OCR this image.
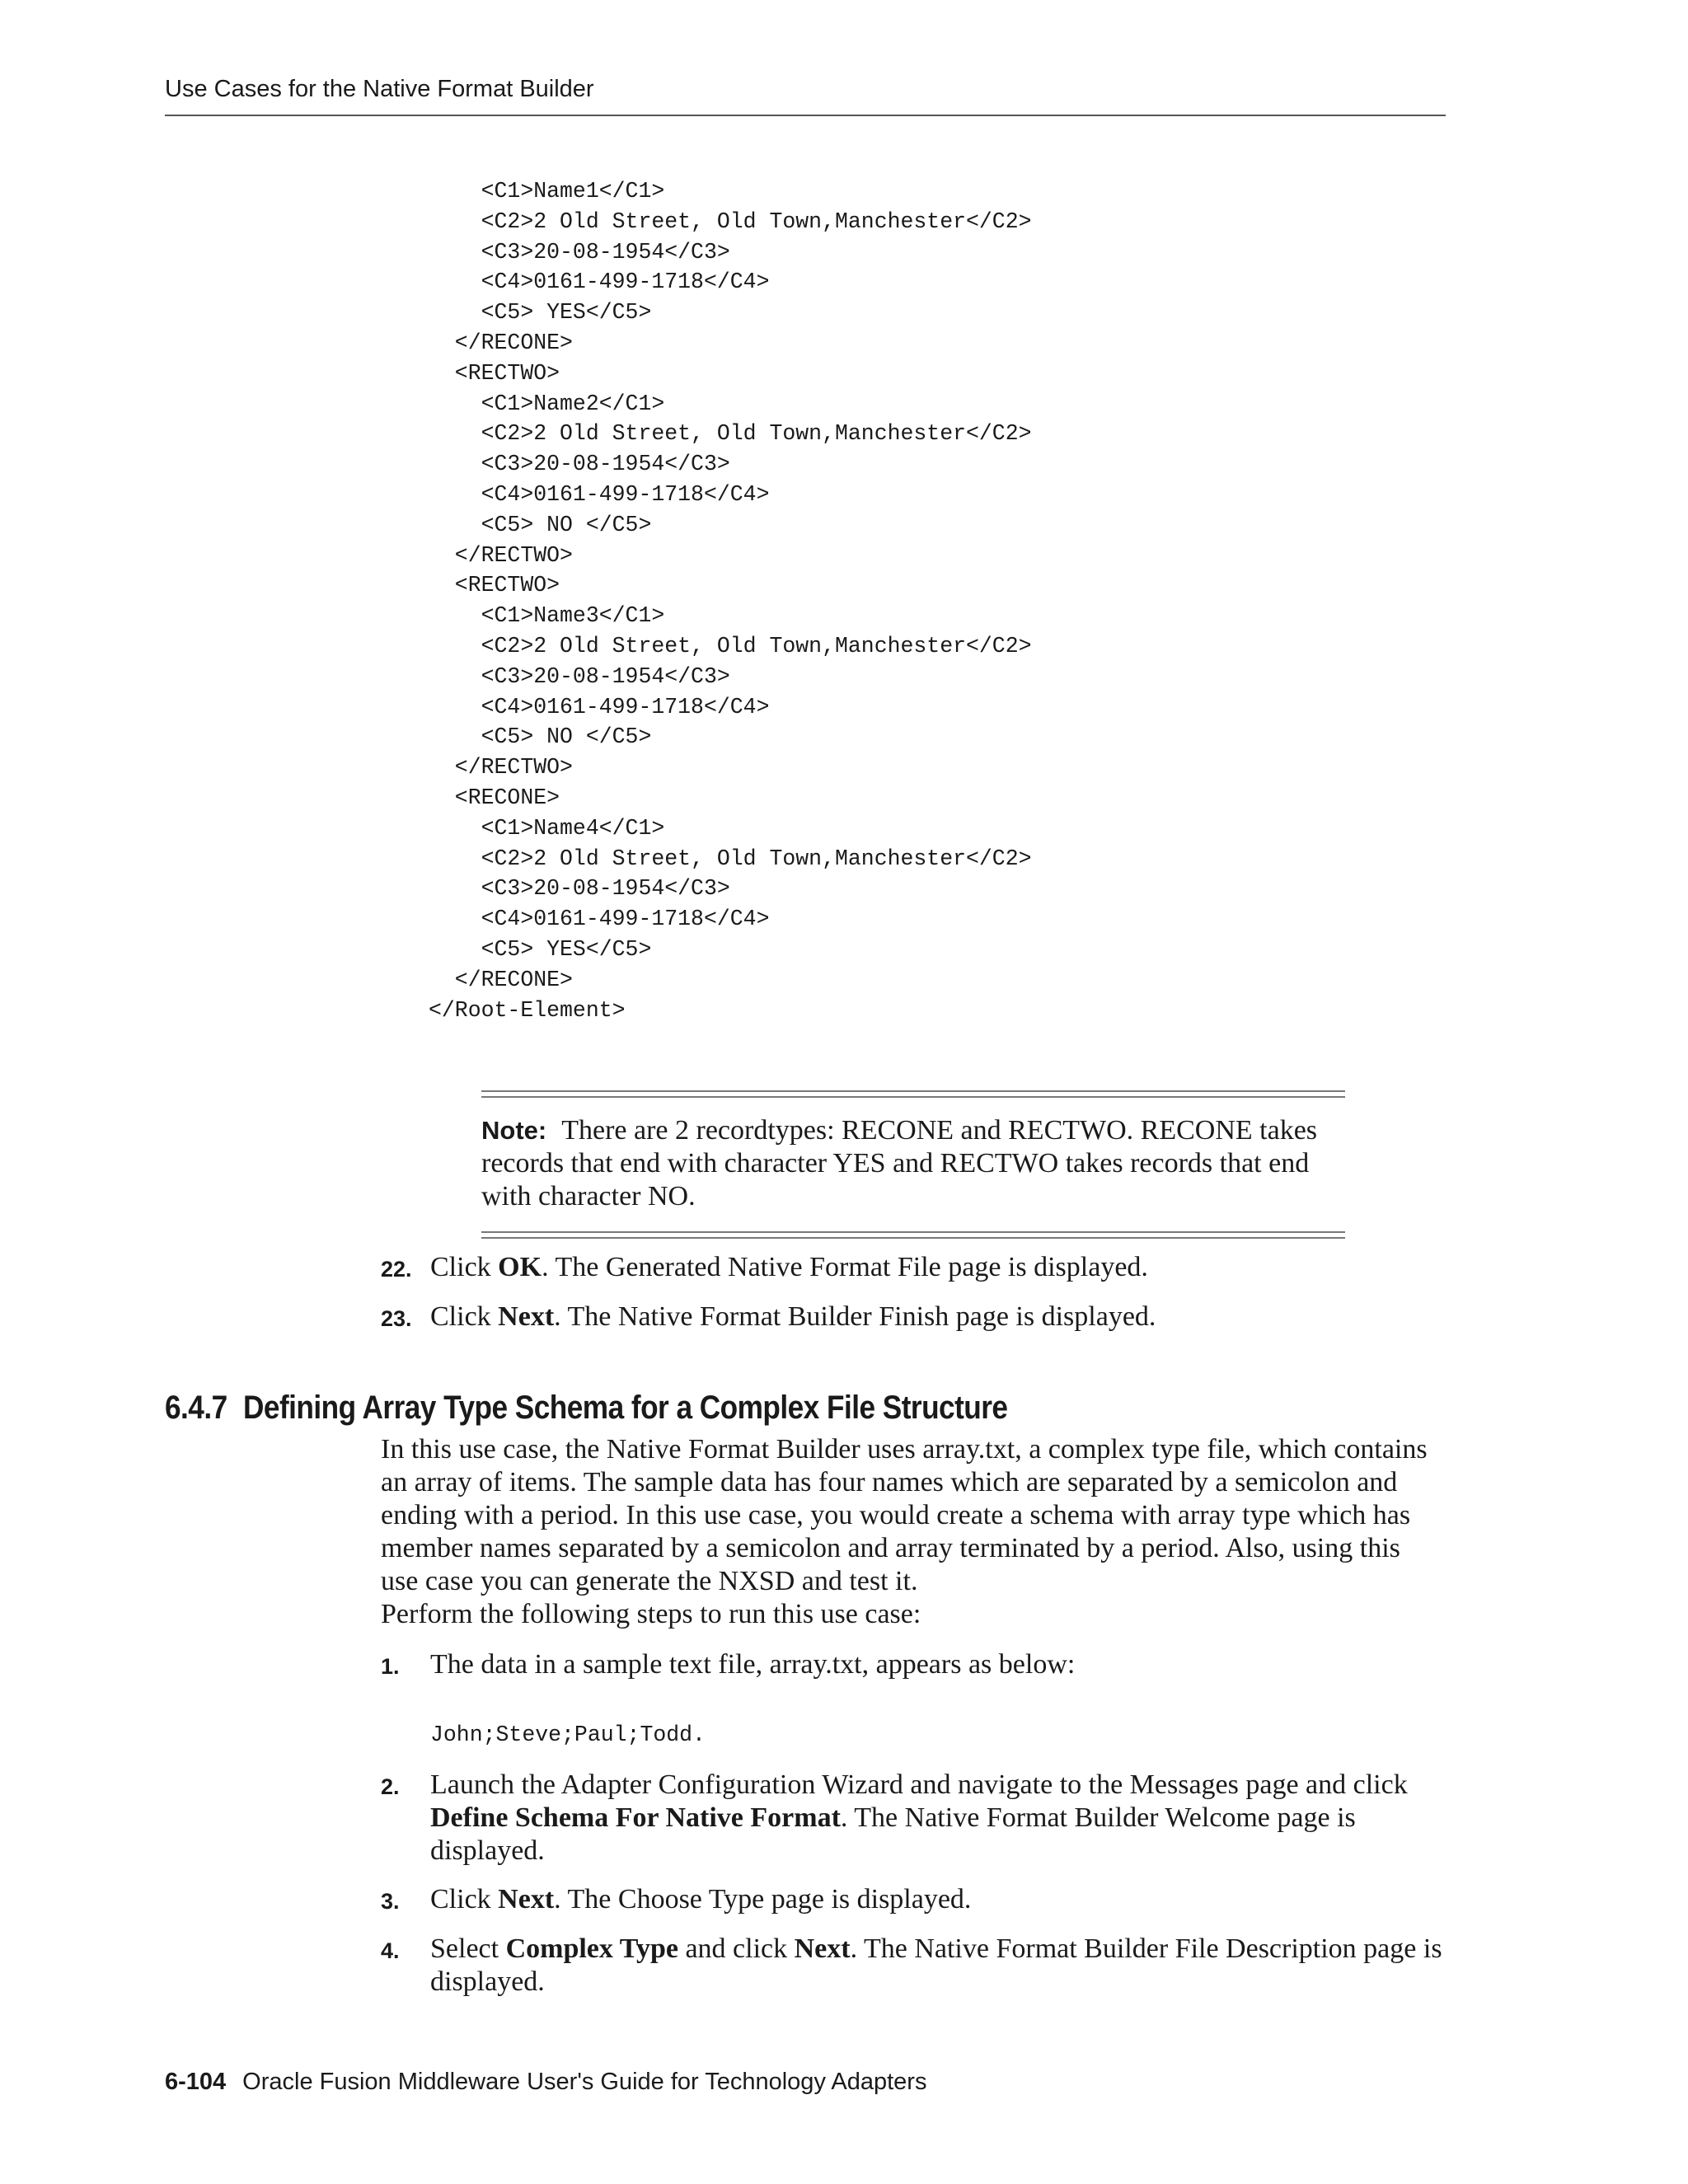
Use Cases for the Native Format Builder
<C1>Name1</C1>
<C2>2 Old Street, Old Town,Manchester</C2>
<C3>20-08-1954</C3>
<C4>0161-499-1718</C4>
<C5> YES</C5>
</RECONE>
<RECTWO>
<C1>Name2</C1>
<C2>2 Old Street, Old Town,Manchester</C2>
<C3>20-08-1954</C3>
<C4>0161-499-1718</C4>
<C5> NO </C5>
</RECTWO>
<RECTWO>
<C1>Name3</C1>
<C2>2 Old Street, Old Town,Manchester</C2>
<C3>20-08-1954</C3>
<C4>0161-499-1718</C4>
<C5> NO </C5>
</RECTWO>
<RECONE>
<C1>Name4</C1>
<C2>2 Old Street, Old Town,Manchester</C2>
<C3>20-08-1954</C3>
<C4>0161-499-1718</C4>
<C5> YES</C5>
</RECONE>
</Root-Element>
Note: There are 2 recordtypes: RECONE and RECTWO. RECONE takes records that end with character YES and RECTWO takes records that end with character NO.
22. Click OK. The Generated Native Format File page is displayed.
23. Click Next. The Native Format Builder Finish page is displayed.
6.4.7 Defining Array Type Schema for a Complex File Structure
In this use case, the Native Format Builder uses array.txt, a complex type file, which contains an array of items. The sample data has four names which are separated by a semicolon and ending with a period. In this use case, you would create a schema with array type which has member names separated by a semicolon and array terminated by a period. Also, using this use case you can generate the NXSD and test it.
Perform the following steps to run this use case:
1. The data in a sample text file, array.txt, appears as below:
John;Steve;Paul;Todd.
2. Launch the Adapter Configuration Wizard and navigate to the Messages page and click Define Schema For Native Format. The Native Format Builder Welcome page is displayed.
3. Click Next. The Choose Type page is displayed.
4. Select Complex Type and click Next. The Native Format Builder File Description page is displayed.
6-104 Oracle Fusion Middleware User's Guide for Technology Adapters
